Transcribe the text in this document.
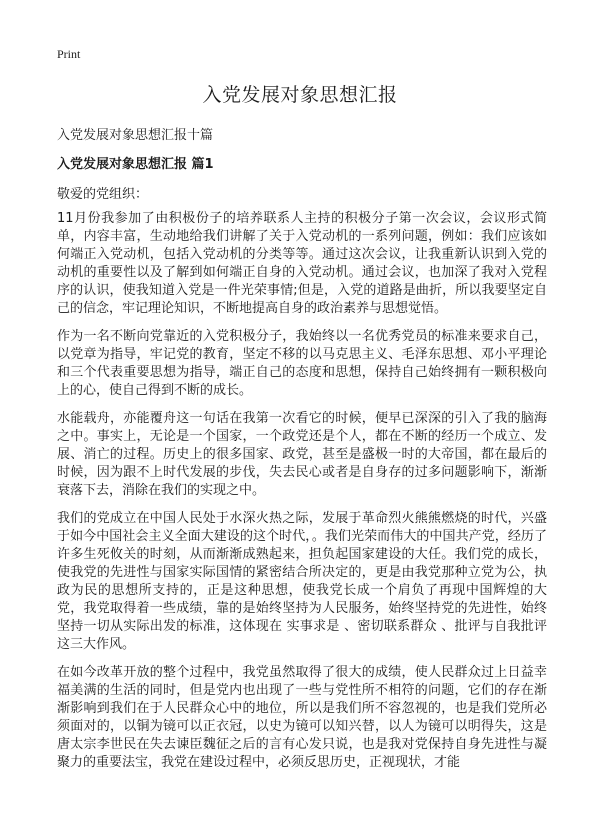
Print
入党发展对象思想汇报
入党发展对象思想汇报十篇
入党发展对象思想汇报 篇1
敬爱的党组织：

11月份我参加了由积极份子的培养联系人主持的积极分子第一次会议，会议形式简单，内容丰富，生动地给我们讲解了关于入党动机的一系列问题，例如：我们应该如何端正入党动机，包括入党动机的分类等等。通过这次会议，让我重新认识到入党的动机的重要性以及了解到如何端正自身的入党动机。通过会议，也加深了我对入党程序的认识，使我知道入党是一件光荣事情;但是，入党的道路是曲折，所以我要坚定自己的信念，牢记理论知识，不断地提高自身的政治素养与思想觉悟。

作为一名不断向党靠近的入党积极分子，我始终以一名优秀党员的标准来要求自己，以党章为指导，牢记党的教育，坚定不移的以马克思主义、毛泽东思想、邓小平理论和三个代表重要思想为指导，端正自己的态度和思想，保持自己始终拥有一颗积极向上的心，使自己得到不断的成长。

水能载舟，亦能覆舟这一句话在我第一次看它的时候，便早已深深的引入了我的脑海之中。事实上，无论是一个国家，一个政党还是个人，都在不断的经历一个成立、发展、消亡的过程。历史上的很多国家、政党，甚至是盛极一时的大帝国，都在最后的时候，因为跟不上时代发展的步伐，失去民心或者是自身存的过多问题影响下，渐渐衰落下去，消除在我们的实现之中。

我们的党成立在中国人民处于水深火热之际，发展于革命烈火熊熊燃烧的时代，兴盛于如今中国社会主义全面大建设的这个时代，。我们光荣而伟大的中国共产党，经历了许多生死攸关的时刻，从而渐渐成熟起来，担负起国家建设的大任。我们党的成长，使我党的先进性与国家实际国情的紧密结合所决定的，更是由我党那种立党为公，执政为民的思想所支持的，正是这种思想，使我党长成一个肩负了再现中国辉煌的大党，我党取得着一些成绩，靠的是始终坚持为人民服务，始终坚持党的先进性，始终坚持一切从实际出发的标准，这体现在 实事求是 、密切联系群众 、批评与自我批评这三大作风。

在如今改革开放的整个过程中，我党虽然取得了很大的成绩，使人民群众过上日益幸福美满的生活的同时，但是党内也出现了一些与党性所不相符的问题，它们的存在渐渐影响到我们在于人民群众心中的地位，所以是我们所不容忽视的，也是我们党所必须面对的，以铜为镜可以正衣冠，以史为镜可以知兴替，以人为镜可以明得失，这是唐太宗李世民在失去谏臣魏征之后的言有心发只说，也是我对党保持自身先进性与凝聚力的重要法宝，我党在建设过程中，必须反思历史，正视现状，才能
